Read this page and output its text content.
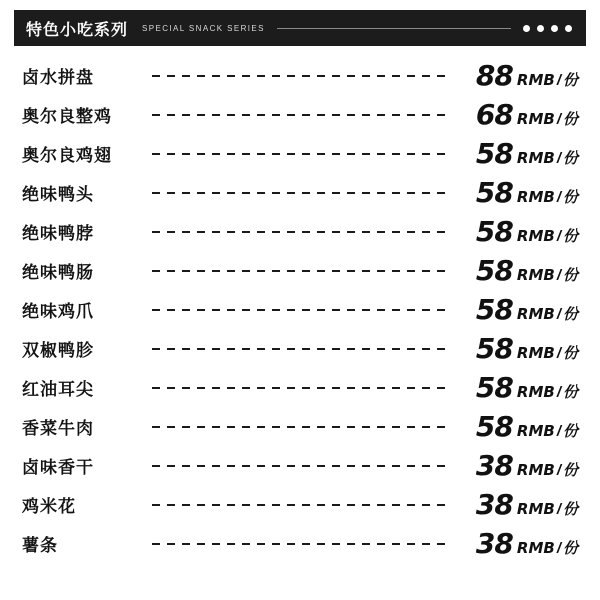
特色小吃系列 SPECIAL SNACK SERIES
卤水拼盘	88 RMB / 份
奥尔良整鸡	68 RMB / 份
奥尔良鸡翅	58 RMB / 份
绝味鸭头	58 RMB / 份
绝味鸭脖	58 RMB / 份
绝味鸭肠	58 RMB / 份
绝味鸡爪	58 RMB / 份
双椒鸭胗	58 RMB / 份
红油耳尖	58 RMB / 份
香菜牛肉	58 RMB / 份
卤味香干	38 RMB / 份
鸡米花	38 RMB / 份
薯条	38 RMB / 份
